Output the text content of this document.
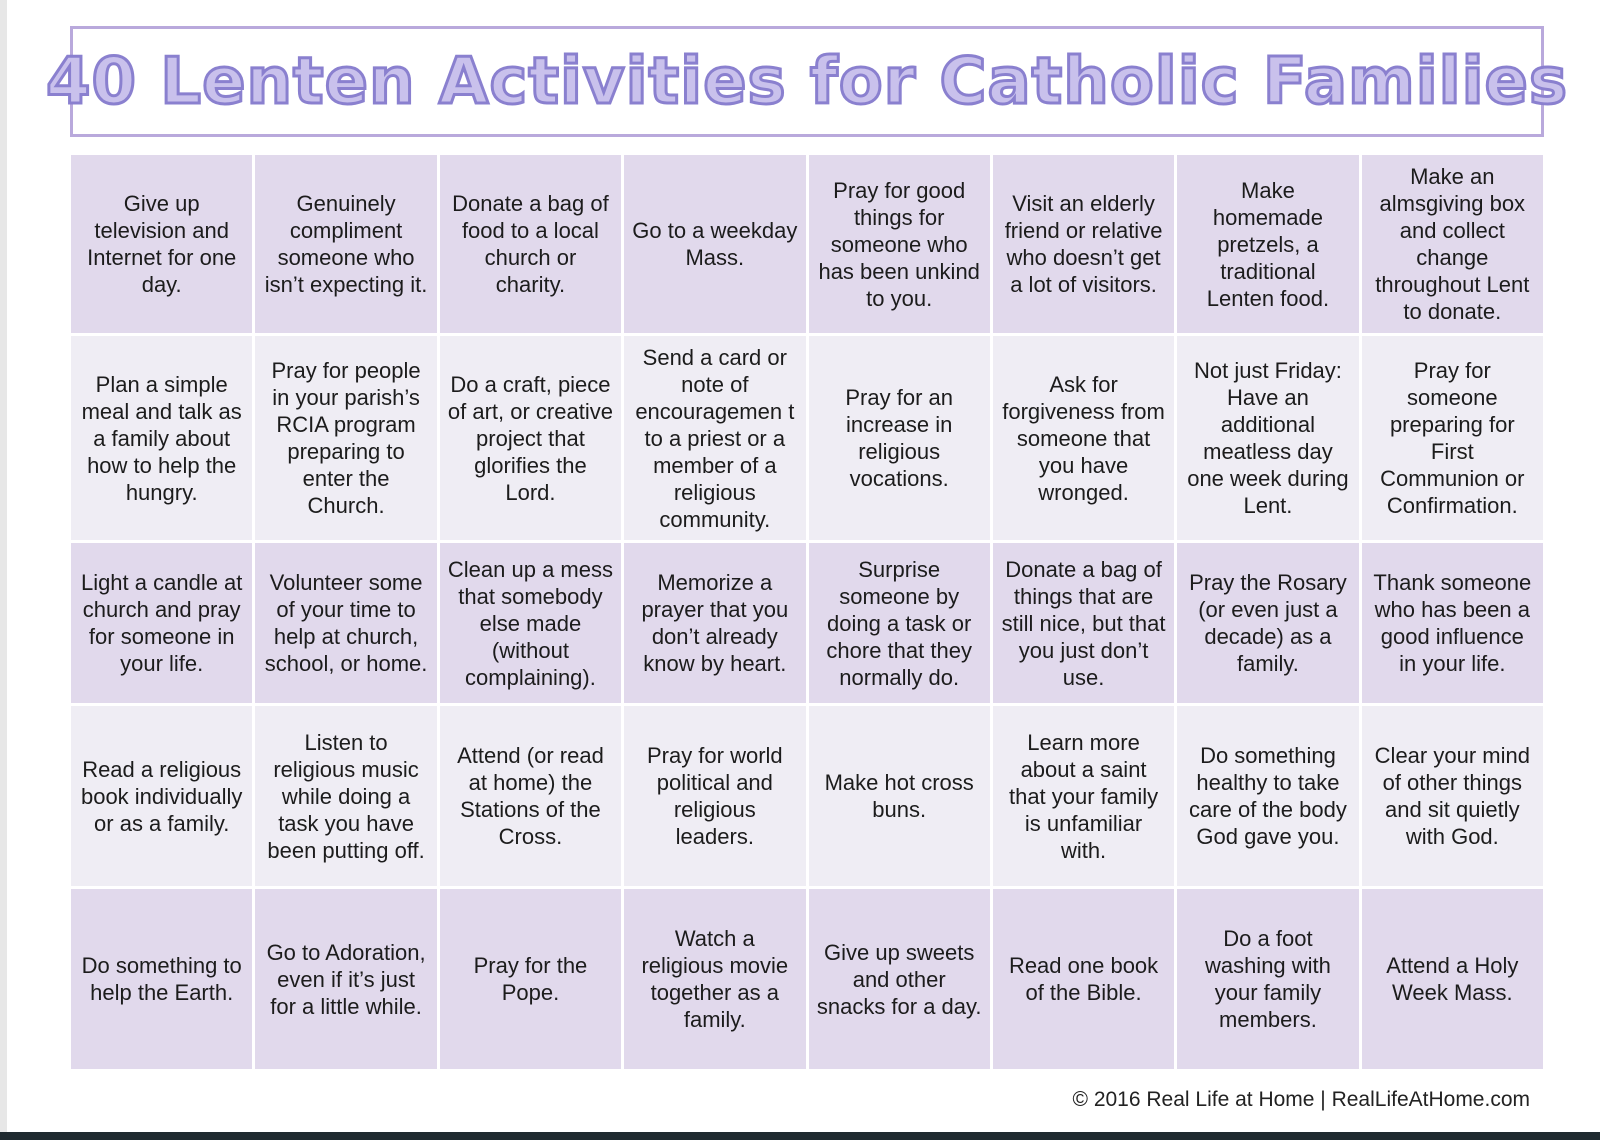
40 Lenten Activities for Catholic Families
Give up television and Internet for one day.
Genuinely compliment someone who isn’t expecting it.
Donate a bag of food to a local church or charity.
Go to a weekday Mass.
Pray for good things for someone who has been unkind to you.
Visit an elderly friend or relative who doesn’t get a lot of visitors.
Make homemade pretzels, a traditional Lenten food.
Make an almsgiving box and collect change throughout Lent to donate.
Plan a simple meal and talk as a family about how to help the hungry.
Pray for people in your parish’s RCIA program preparing to enter the Church.
Do a craft, piece of art, or creative project that glorifies the Lord.
Send a card or note of encouragemen t to a priest or a member of a religious community.
Pray for an increase in religious vocations.
Ask for forgiveness from someone that you have wronged.
Not just Friday: Have an additional meatless day one week during Lent.
Pray for someone preparing for First Communion or Confirmation.
Light a candle at church and pray for someone in your life.
Volunteer some of your time to help at church, school, or home.
Clean up a mess that somebody else made (without complaining).
Memorize a prayer that you don’t already know by heart.
Surprise someone by doing a task or chore that they normally do.
Donate a bag of things that are still nice, but that you just don’t use.
Pray the Rosary (or even just a decade) as a family.
Thank someone who has been a good influence in your life.
Read a religious book individually or as a family.
Listen to religious music while doing a task you have been putting off.
Attend (or read at home) the Stations of the Cross.
Pray for world political and religious leaders.
Make hot cross buns.
Learn more about a saint that your family is unfamiliar with.
Do something healthy to take care of the body God gave you.
Clear your mind of other things and sit quietly with God.
Do something to help the Earth.
Go to Adoration, even if it’s just for a little while.
Pray for the Pope.
Watch a religious movie together as a family.
Give up sweets and other snacks for a day.
Read one book of the Bible.
Do a foot washing with your family members.
Attend a Holy Week Mass.
© 2016 Real Life at Home | RealLifeAtHome.com
